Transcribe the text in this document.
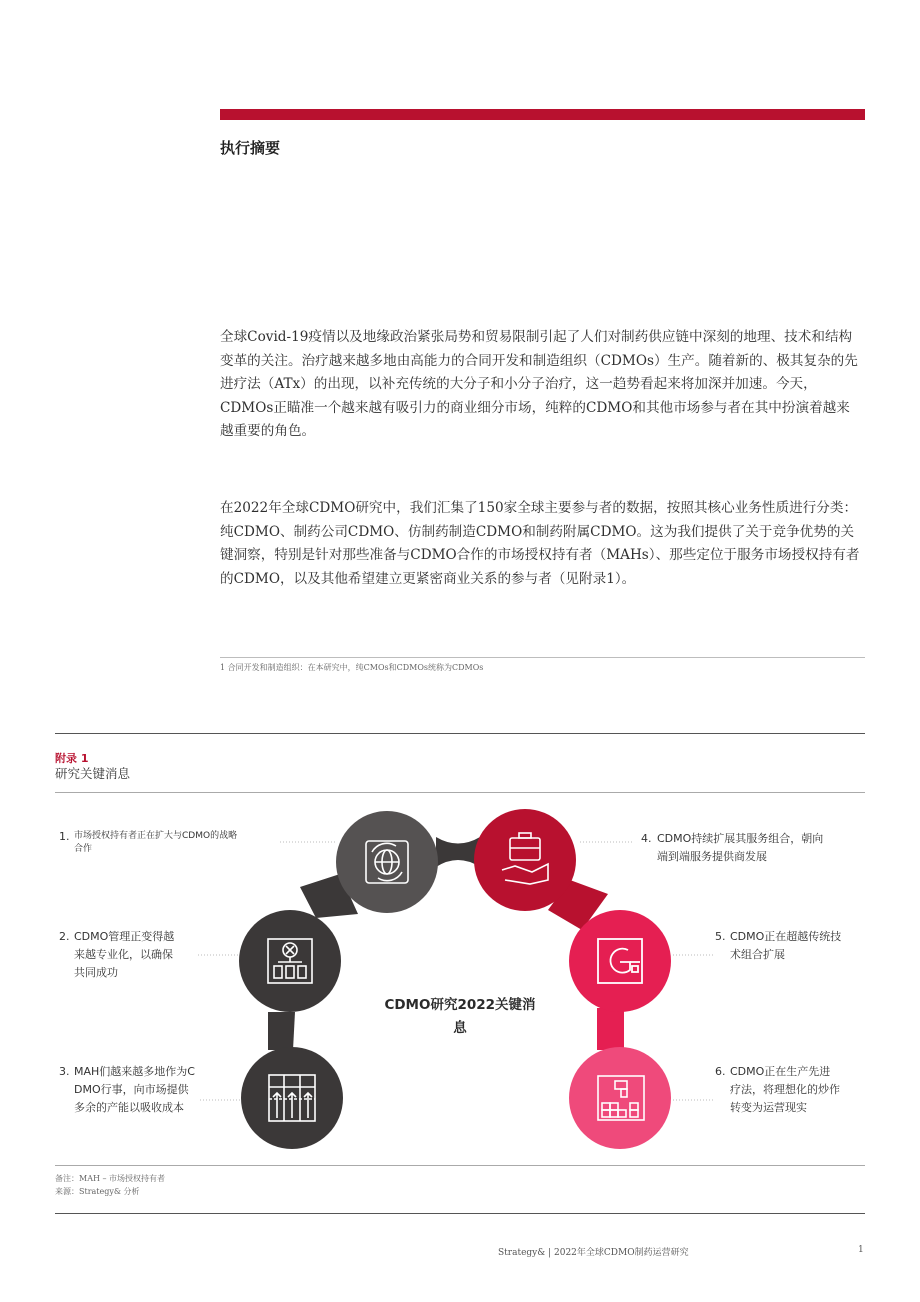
执行摘要

全球Covid-19疫情以及地缘政治紧张局势和贸易限制引起了人们对制药供应链中深刻的地理、技术和结构变革的关注。治疗越来越多地由高能力的合同开发和制造组织（CDMOs）生产。随着新的、极其复杂的先进疗法（ATx）的出现，以补充传统的大分子和小分子治疗，这一趋势看起来将加深并加速。今天，CDMOs正瞄准一个越来越有吸引力的商业细分市场，纯粹的CDMO和其他市场参与者在其中扮演着越来越重要的角色。

在2022年全球CDMO研究中，我们汇集了150家全球主要参与者的数据，按照其核心业务性质进行分类：纯CDMO、制药公司CDMO、仿制药制造CDMO和制药附属CDMO。这为我们提供了关于竞争优势的关键洞察，特别是针对那些准备与CDMO合作的市场授权持有者（MAHs）、那些定位于服务市场授权持有者的CDMO，以及其他希望建立更紧密商业关系的参与者（见附录1）。

1 合同开发和制造组织：在本研究中，纯CMOs和CDMOs统称为CDMOs
附录 1
研究关键消息
CDMO研究2022关键消
息
1. 市场授权持有者正在扩大与CDMO的战略
合作
2. CDMO管理正变得越
来越专业化，以确保
共同成功
3. MAH们越来越多地作为C
DMO行事，向市场提供
多余的产能以吸收成本
4. CDMO持续扩展其服务组合，朝向
端到端服务提供商发展
5. CDMO正在超越传统技
术组合扩展
6. CDMO正在生产先进
疗法，将理想化的炒作
转变为运营现实
备注：MAH – 市场授权持有者
来源：Strategy& 分析
Strategy& | 2022年全球CDMO制药运营研究	1
